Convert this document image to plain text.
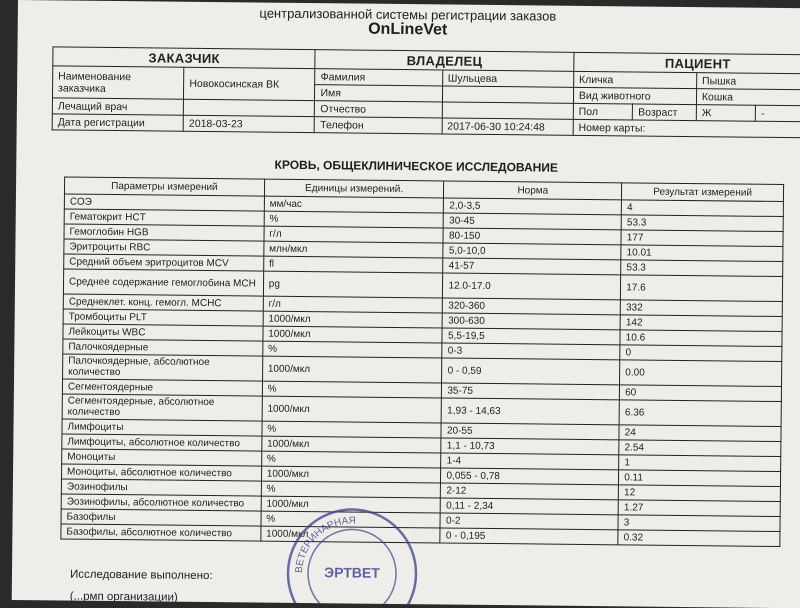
централизованной системы регистрации заказов
OnLineVet
ЗАКАЗЧИК		ВЛАДЕЛЕЦ		ПАЦИЕНТ			
Наименование заказчика	Новокосинская ВК	Фамилия	Шульцева	Кличка		Пышка	
		Имя		Вид животного		Кошка	
Лечащий врач		Отчество		Пол	Возраст	Ж	-
Дата регистрации	2018-03-23	Телефон	2017-06-30 10:24:48	Номер карты:			
КРОВЬ, ОБЩЕКЛИНИЧЕСКОЕ ИССЛЕДОВАНИЕ
Параметры измерений	Единицы измерений.	Норма	Результат измерений
СОЭ	мм/час	2,0-3,5	4
Гематокрит HCT	%	30-45	53.3
Гемоглобин HGB	г/л	80-150	177
Эритроциты RBC	млн/мкл	5,0-10,0	10.01
Средний объем эритроцитов MCV	fl	41-57	53.3
Среднее содержание гемоглобина МСН	pg	12.0-17.0	17.6
Среднеклет. конц. гемогл. МСНС	г/л	320-360	332
Тромбоциты PLT	1000/мкл	300-630	142
Лейкоциты WBC	1000/мкл	5,5-19,5	10.6
Палочкоядерные	%	0-3	0
Палочкоядерные, абсолютное количество	1000/мкл	0 - 0,59	0.00
Сегментоядерные	%	35-75	60
Сегментоядерные, абсолютное количество	1000/мкл	1,93 - 14,63	6.36
Лимфоциты	%	20-55	24
Лимфоциты, абсолютное количество	1000/мкл	1,1 - 10,73	2.54
Моноциты	%	1-4	1
Моноциты, абсолютное количество	1000/мкл	0,055 - 0,78	0.11
Эозинофилы	%	2-12	12
Эозинофилы, абсолютное количество	1000/мкл	0,11 - 2,34	1.27
Базофилы	%	0-2	3
Базофилы, абсолютное количество	1000/мкл	0 - 0,195	0.32
Исследование выполнено:
(...рмп организации)
ВЕТЕРИНАРНАЯ
ЭРТВЕТ
